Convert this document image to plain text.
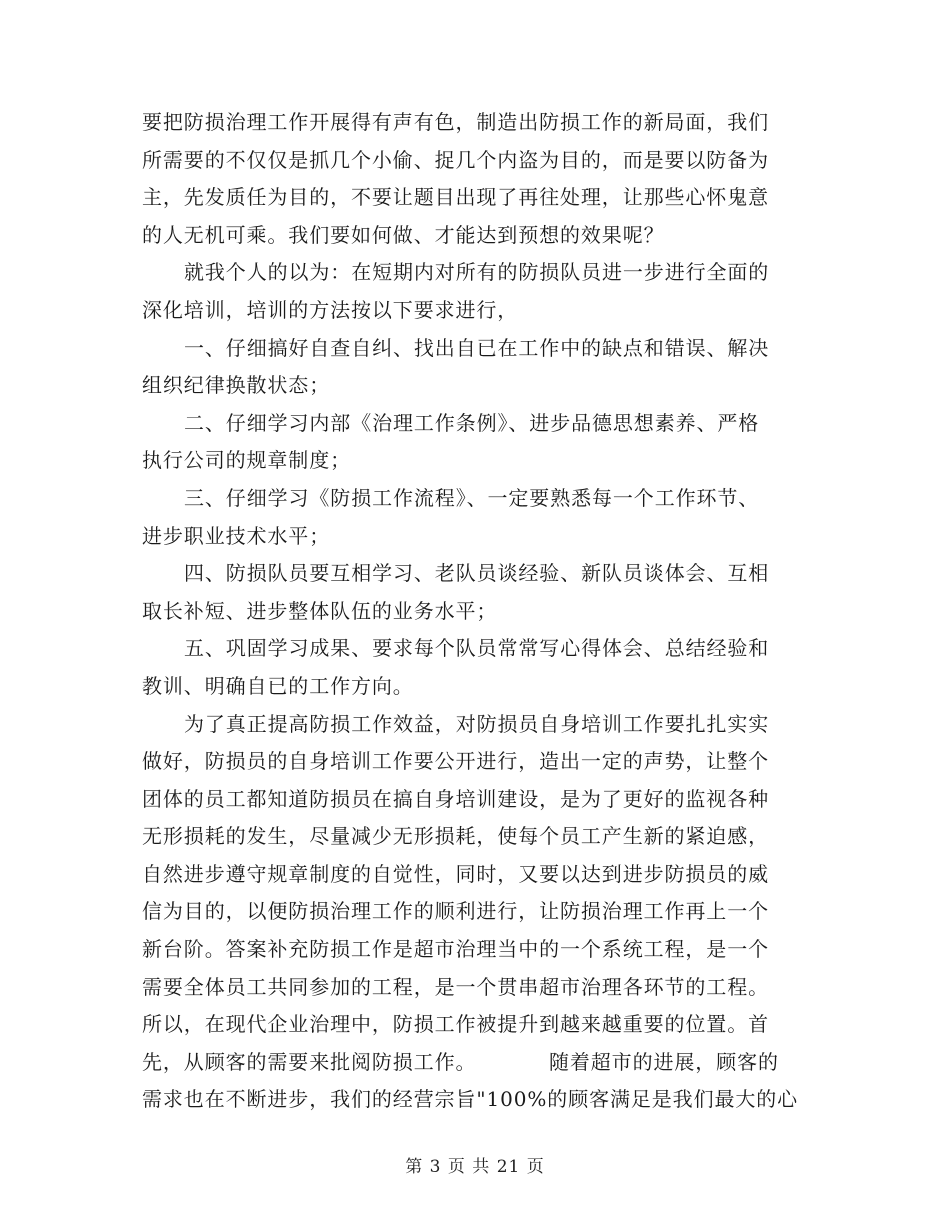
要把防损治理工作开展得有声有色，制造出防损工作的新局面，我们
所需要的不仅仅是抓几个小偷、捉几个内盗为目的，而是要以防备为
主，先发质任为目的，不要让题目出现了再往处理，让那些心怀鬼意
的人无机可乘。我们要如何做、才能达到预想的效果呢？
就我个人的以为：在短期内对所有的防损队员进一步进行全面的
深化培训，培训的方法按以下要求进行，
一、仔细搞好自查自纠、找出自已在工作中的缺点和错误、解决
组织纪律换散状态；
二、仔细学习内部《治理工作条例》、进步品德思想素养、严格
执行公司的规章制度；
三、仔细学习《防损工作流程》、一定要熟悉每一个工作环节、
进步职业技术水平；
四、防损队员要互相学习、老队员谈经验、新队员谈体会、互相
取长补短、进步整体队伍的业务水平；
五、巩固学习成果、要求每个队员常常写心得体会、总结经验和
教训、明确自已的工作方向。
为了真正提高防损工作效益，对防损员自身培训工作要扎扎实实
做好，防损员的自身培训工作要公开进行，造出一定的声势，让整个
团体的员工都知道防损员在搞自身培训建设，是为了更好的监视各种
无形损耗的发生，尽量减少无形损耗，使每个员工产生新的紧迫感，
自然进步遵守规章制度的自觉性，同时，又要以达到进步防损员的威
信为目的，以便防损治理工作的顺利进行，让防损治理工作再上一个
新台阶。答案补充防损工作是超市治理当中的一个系统工程，是一个
需要全体员工共同参加的工程，是一个贯串超市治理各环节的工程。
所以，在现代企业治理中，防损工作被提升到越来越重要的位置。首
先，从顾客的需要来批阅防损工作。          随着超市的进展，顾客的
需求也在不断进步，我们的经营宗旨"100%的顾客满足是我们最大的心
第 3 页 共 21 页
